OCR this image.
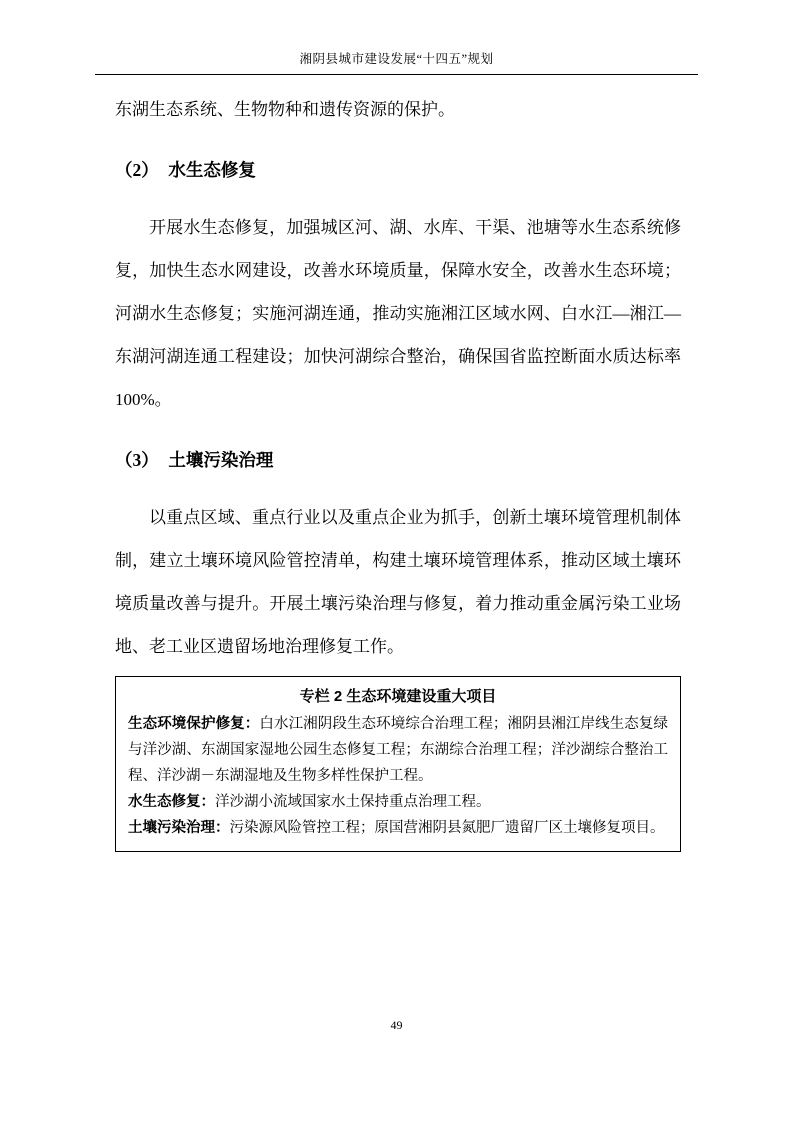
湘阴县城市建设发展“十四五”规划

东湖生态系统、生物物种和遗传资源的保护。

（2） 水生态修复

开展水生态修复，加强城区河、湖、水库、干渠、池塘等水生态系统修复，加快生态水网建设，改善水环境质量，保障水安全，改善水生态环境；河湖水生态修复；实施河湖连通，推动实施湘江区域水网、白水江—湘江—东湖河湖连通工程建设；加快河湖综合整治，确保国省监控断面水质达标率 100%。

（3） 土壤污染治理

以重点区域、重点行业以及重点企业为抓手，创新土壤环境管理机制体制，建立土壤环境风险管控清单，构建土壤环境管理体系，推动区域土壤环境质量改善与提升。开展土壤污染治理与修复，着力推动重金属污染工业场地、老工业区遗留场地治理修复工作。

专栏 2 生态环境建设重大项目

生态环境保护修复：白水江湘阴段生态环境综合治理工程；湘阴县湘江岸线生态复绿与洋沙湖、东湖国家湿地公园生态修复工程；东湖综合治理工程；洋沙湖综合整治工程、洋沙湖－东湖湿地及生物多样性保护工程。

水生态修复：洋沙湖小流域国家水土保持重点治理工程。

土壤污染治理：污染源风险管控工程；原国营湘阴县氮肥厂遗留厂区土壤修复项目。

49
